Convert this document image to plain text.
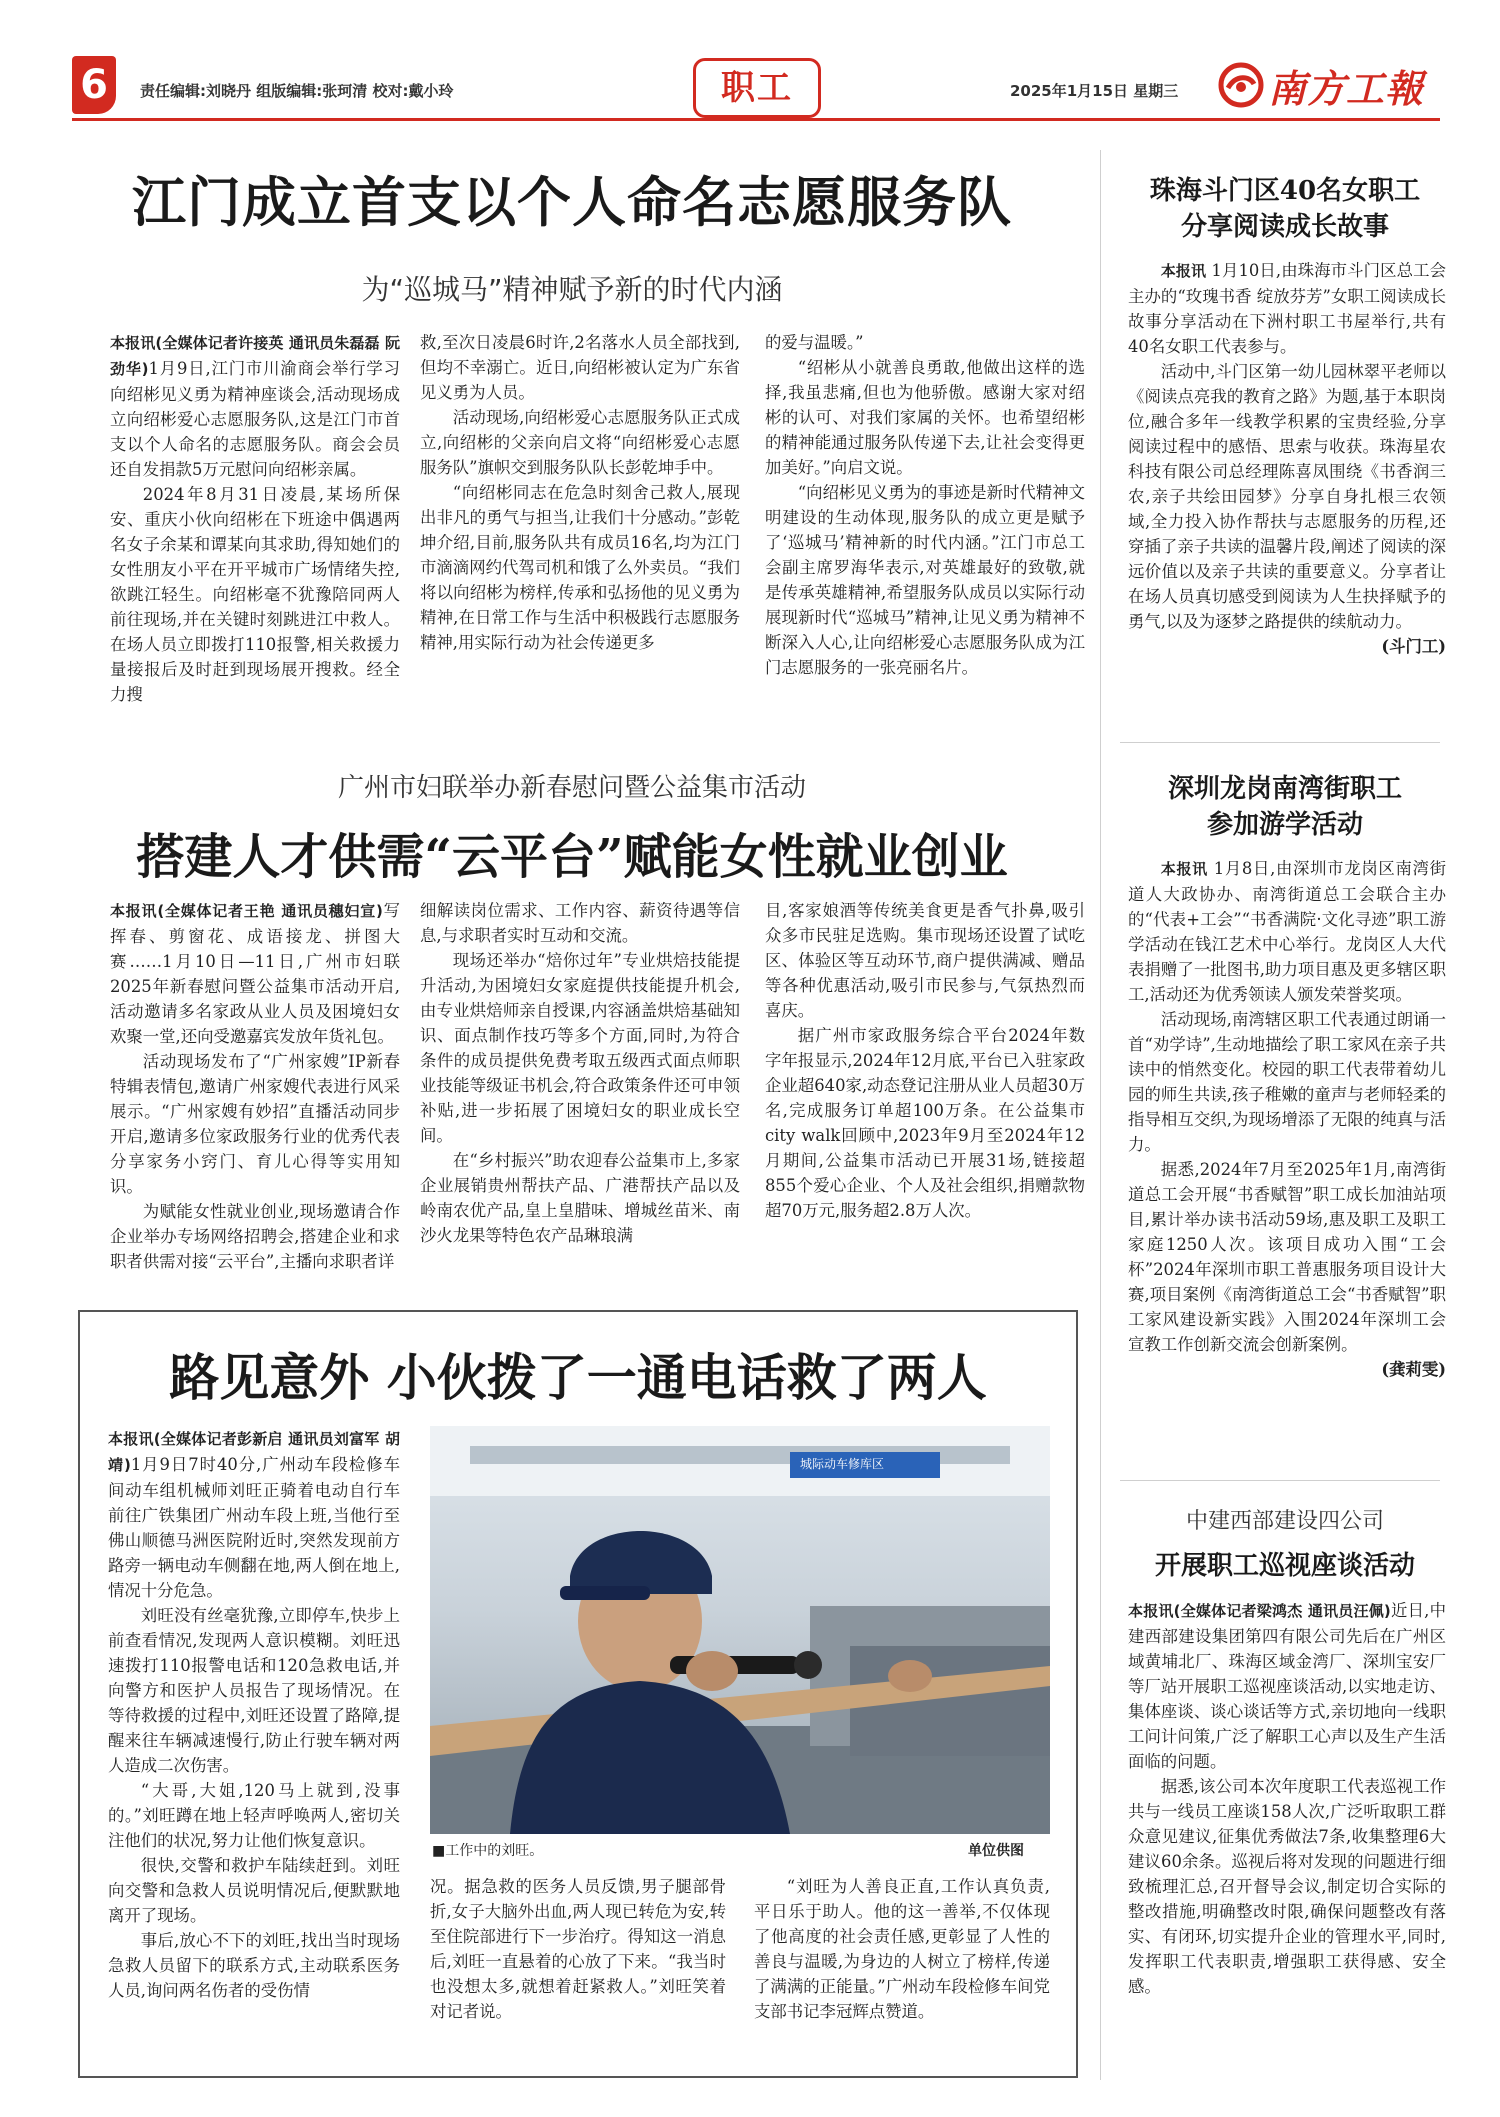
6	责任编辑:刘晓丹 组版编辑:张珂清 校对:戴小玲	职工	2025年1月15日 星期三 南方工報
江门成立首支以个人命名志愿服务队
为“巡城马”精神赋予新的时代内涵

本报讯(全媒体记者许接英 通讯员朱磊磊 阮劲华)1月9日,江门市川渝商会举行学习向绍彬见义勇为精神座谈会,活动现场成立向绍彬爱心志愿服务队,这是江门市首支以个人命名的志愿服务队。商会会员还自发捐款5万元慰问向绍彬亲属。

2024年8月31日凌晨,某场所保安、重庆小伙向绍彬在下班途中偶遇两名女子余某和谭某向其求助,得知她们的女性朋友小平在开平城市广场情绪失控,欲跳江轻生。向绍彬毫不犹豫陪同两人前往现场,并在关键时刻跳进江中救人。在场人员立即拨打110报警,相关救援力量接报后及时赶到现场展开搜救。经全力搜

救,至次日凌晨6时许,2名落水人员全部找到,但均不幸溺亡。近日,向绍彬被认定为广东省见义勇为人员。

活动现场,向绍彬爱心志愿服务队正式成立,向绍彬的父亲向启文将“向绍彬爱心志愿服务队”旗帜交到服务队队长彭乾坤手中。

“向绍彬同志在危急时刻舍己救人,展现出非凡的勇气与担当,让我们十分感动。”彭乾坤介绍,目前,服务队共有成员16名,均为江门市滴滴网约代驾司机和饿了么外卖员。“我们将以向绍彬为榜样,传承和弘扬他的见义勇为精神,在日常工作与生活中积极践行志愿服务精神,用实际行动为社会传递更多

的爱与温暖。”

“绍彬从小就善良勇敢,他做出这样的选择,我虽悲痛,但也为他骄傲。感谢大家对绍彬的认可、对我们家属的关怀。也希望绍彬的精神能通过服务队传递下去,让社会变得更加美好。”向启文说。

“向绍彬见义勇为的事迹是新时代精神文明建设的生动体现,服务队的成立更是赋予了‘巡城马’精神新的时代内涵。”江门市总工会副主席罗海华表示,对英雄最好的致敬,就是传承英雄精神,希望服务队成员以实际行动展现新时代“巡城马”精神,让见义勇为精神不断深入人心,让向绍彬爱心志愿服务队成为江门志愿服务的一张亮丽名片。

广州市妇联举办新春慰问暨公益集市活动
搭建人才供需“云平台”赋能女性就业创业

本报讯(全媒体记者王艳 通讯员穗妇宣)写挥春、剪窗花、成语接龙、拼图大赛……1月10日—11日,广州市妇联2025年新春慰问暨公益集市活动开启,活动邀请多名家政从业人员及困境妇女欢聚一堂,还向受邀嘉宾发放年货礼包。

活动现场发布了“广州家嫂”IP新春特辑表情包,邀请广州家嫂代表进行风采展示。“广州家嫂有妙招”直播活动同步开启,邀请多位家政服务行业的优秀代表分享家务小窍门、育儿心得等实用知识。

为赋能女性就业创业,现场邀请合作企业举办专场网络招聘会,搭建企业和求职者供需对接“云平台”,主播向求职者详

细解读岗位需求、工作内容、薪资待遇等信息,与求职者实时互动和交流。

现场还举办“焙你过年”专业烘焙技能提升活动,为困境妇女家庭提供技能提升机会,由专业烘焙师亲自授课,内容涵盖烘焙基础知识、面点制作技巧等多个方面,同时,为符合条件的成员提供免费考取五级西式面点师职业技能等级证书机会,符合政策条件还可申领补贴,进一步拓展了困境妇女的职业成长空间。

在“乡村振兴”助农迎春公益集市上,多家企业展销贵州帮扶产品、广港帮扶产品以及岭南农优产品,皇上皇腊味、增城丝苗米、南沙火龙果等特色农产品琳琅满

目,客家娘酒等传统美食更是香气扑鼻,吸引众多市民驻足选购。集市现场还设置了试吃区、体验区等互动环节,商户提供满减、赠品等各种优惠活动,吸引市民参与,气氛热烈而喜庆。

据广州市家政服务综合平台2024年数字年报显示,2024年12月底,平台已入驻家政企业超640家,动态登记注册从业人员超30万名,完成服务订单超100万条。在公益集市city walk回顾中,2023年9月至2024年12月期间,公益集市活动已开展31场,链接超855个爱心企业、个人及社会组织,捐赠款物超70万元,服务超2.8万人次。

路见意外 小伙拨了一通电话救了两人

本报讯(全媒体记者彭新启 通讯员刘富军 胡靖)1月9日7时40分,广州动车段检修车间动车组机械师刘旺正骑着电动自行车前往广铁集团广州动车段上班,当他行至佛山顺德马洲医院附近时,突然发现前方路旁一辆电动车侧翻在地,两人倒在地上,情况十分危急。

刘旺没有丝毫犹豫,立即停车,快步上前查看情况,发现两人意识模糊。刘旺迅速拨打110报警电话和120急救电话,并向警方和医护人员报告了现场情况。在等待救援的过程中,刘旺还设置了路障,提醒来往车辆减速慢行,防止行驶车辆对两人造成二次伤害。

“大哥,大姐,120马上就到,没事的。”刘旺蹲在地上轻声呼唤两人,密切关注他们的状况,努力让他们恢复意识。

很快,交警和救护车陆续赶到。刘旺向交警和急救人员说明情况后,便默默地离开了现场。

事后,放心不下的刘旺,找出当时现场急救人员留下的联系方式,主动联系医务人员,询问两名伤者的受伤情

城际动车修库区
■工作中的刘旺。	单位供图

况。据急救的医务人员反馈,男子腿部骨折,女子大脑外出血,两人现已转危为安,转至住院部进行下一步治疗。得知这一消息后,刘旺一直悬着的心放了下来。“我当时也没想太多,就想着赶紧救人。”刘旺笑着对记者说。

“刘旺为人善良正直,工作认真负责,平日乐于助人。他的这一善举,不仅体现了他高度的社会责任感,更彰显了人性的善良与温暖,为身边的人树立了榜样,传递了满满的正能量。”广州动车段检修车间党支部书记李冠辉点赞道。

珠海斗门区40名女职工
分享阅读成长故事

本报讯 1月10日,由珠海市斗门区总工会主办的“玫瑰书香 绽放芬芳”女职工阅读成长故事分享活动在下洲村职工书屋举行,共有40名女职工代表参与。

活动中,斗门区第一幼儿园林翠平老师以《阅读点亮我的教育之路》为题,基于本职岗位,融合多年一线教学积累的宝贵经验,分享阅读过程中的感悟、思索与收获。珠海星农科技有限公司总经理陈喜凤围绕《书香润三农,亲子共绘田园梦》分享自身扎根三农领域,全力投入协作帮扶与志愿服务的历程,还穿插了亲子共读的温馨片段,阐述了阅读的深远价值以及亲子共读的重要意义。分享者让在场人员真切感受到阅读为人生抉择赋予的勇气,以及为逐梦之路提供的续航动力。
(斗门工)

深圳龙岗南湾街职工
参加游学活动

本报讯 1月8日,由深圳市龙岗区南湾街道人大政协办、南湾街道总工会联合主办的“代表+工会”“书香满院·文化寻迹”职工游学活动在钱江艺术中心举行。龙岗区人大代表捐赠了一批图书,助力项目惠及更多辖区职工,活动还为优秀领读人颁发荣誉奖项。

活动现场,南湾辖区职工代表通过朗诵一首“劝学诗”,生动地描绘了职工家风在亲子共读中的悄然变化。校园的职工代表带着幼儿园的师生共读,孩子稚嫩的童声与老师轻柔的指导相互交织,为现场增添了无限的纯真与活力。

据悉,2024年7月至2025年1月,南湾街道总工会开展“书香赋智”职工成长加油站项目,累计举办读书活动59场,惠及职工及职工家庭1250人次。该项目成功入围“工会杯”2024年深圳市职工普惠服务项目设计大赛,项目案例《南湾街道总工会“书香赋智”职工家风建设新实践》入围2024年深圳工会宣教工作创新交流会创新案例。
(龚莉雯)

中建西部建设四公司
开展职工巡视座谈活动

本报讯(全媒体记者梁鸿杰 通讯员汪佩)近日,中建西部建设集团第四有限公司先后在广州区域黄埔北厂、珠海区域金湾厂、深圳宝安厂等厂站开展职工巡视座谈活动,以实地走访、集体座谈、谈心谈话等方式,亲切地向一线职工问计问策,广泛了解职工心声以及生产生活面临的问题。

据悉,该公司本次年度职工代表巡视工作共与一线员工座谈158人次,广泛听取职工群众意见建议,征集优秀做法7条,收集整理6大建议60余条。巡视后将对发现的问题进行细致梳理汇总,召开督导会议,制定切合实际的整改措施,明确整改时限,确保问题整改有落实、有闭环,切实提升企业的管理水平,同时,发挥职工代表职责,增强职工获得感、安全感。
